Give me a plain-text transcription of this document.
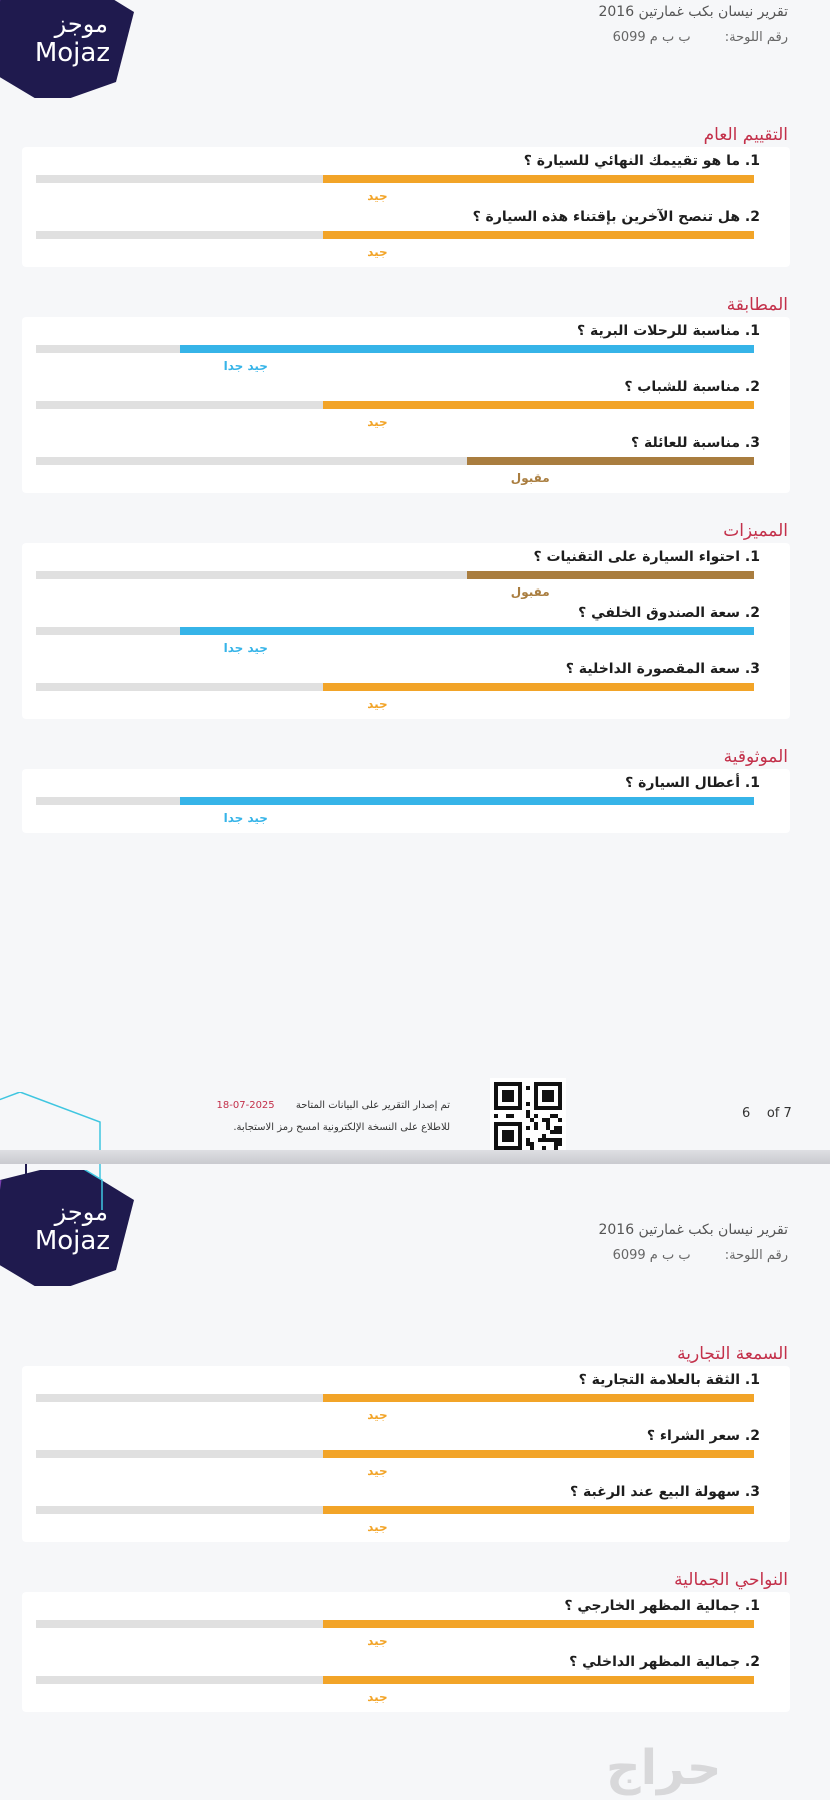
موجز
Mojaz
تقرير نيسان بكب غمارتين 2016
رقم اللوحة: ب ب م 6099
التقييم العام
1. ما هو تقييمك النهائي للسيارة ؟
جيد
2. هل تنصح الآخرين بإقتناء هذه السيارة ؟
جيد
المطابقة
1. مناسبة للرحلات البرية ؟
جيد جدا
2. مناسبة للشباب ؟
جيد
3. مناسبة للعائلة ؟
مقبول
المميزات
1. احتواء السيارة على التقنيات ؟
مقبول
2. سعة الصندوق الخلفي ؟
جيد جدا
3. سعة المقصورة الداخلية ؟
جيد
الموثوقية
1. أعطال السيارة ؟
جيد جدا
تم إصدار التقرير على البيانات المتاحة 2025-07-18
للاطلاع على النسخة الإلكترونية امسح رمز الاستجابة.
6 of 7
موجز
Mojaz	تقرير نيسان بكب غمارتين 2016
رقم اللوحة: ب ب م 6099
السمعة التجارية
1. الثقة بالعلامة التجارية ؟
جيد
2. سعر الشراء ؟
جيد
3. سهولة البيع عند الرغبة ؟
جيد
النواحي الجمالية
1. جمالية المظهر الخارجي ؟
جيد
2. جمالية المظهر الداخلي ؟
جيد
حراج
